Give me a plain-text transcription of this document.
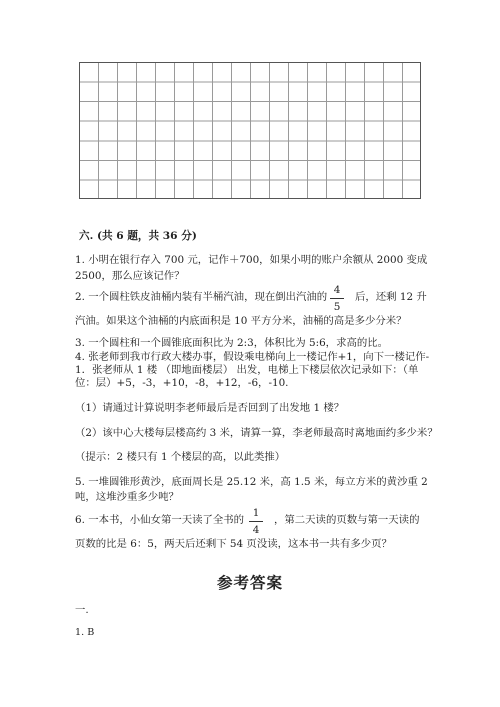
六. (共 6 题，共 36 分)
1. 小明在银行存入 700 元，记作＋700，如果小明的账户余额从 2000 变成
2500，那么应该记作？
2. 一个圆柱铁皮油桶内装有半桶汽油，现在倒出汽油的
4
5
后，还剩 12 升
汽油。如果这个油桶的内底面积是 10 平方分米，油桶的高是多少分米？
3. 一个圆柱和一个圆锥底面积比为 2:3，体积比为 5:6，求高的比。
4. 张老师到我市行政大楼办事，假设乘电梯向上一楼记作+1，向下一楼记作-
1．张老师从 1 楼 （即地面楼层） 出发，电梯上下楼层依次记录如下：（单
位：层）+5，-3，+10，-8，+12，-6，-10.
（1）请通过计算说明李老师最后是否回到了出发地 1 楼？
（2）该中心大楼每层楼高约 3 米，请算一算，李老师最高时离地面约多少米？
（提示：2 楼只有 1 个楼层的高，以此类推）
5. 一堆圆锥形黄沙，底面周长是 25.12 米，高 1.5 米，每立方米的黄沙重 2
吨，这堆沙重多少吨？
6. 一本书，小仙女第一天读了全书的
1
4
，第二天读的页数与第一天读的
页数的比是 6：5，两天后还剩下 54 页没读，这本书一共有多少页？
参考答案
一.
1. B
